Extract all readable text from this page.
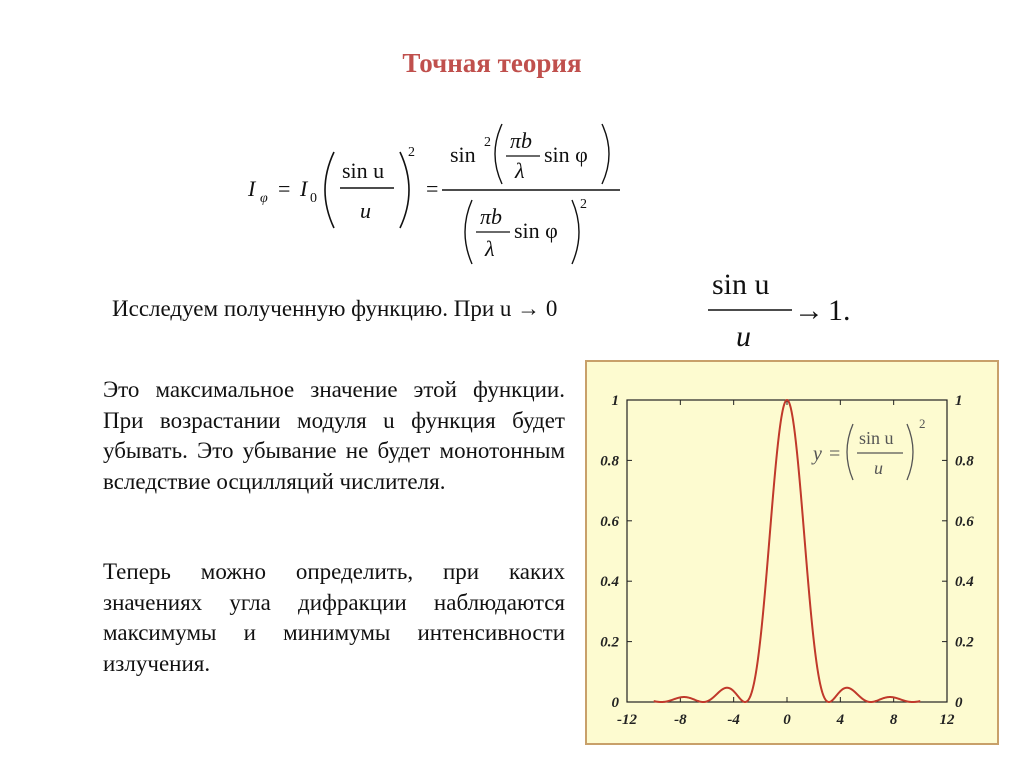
Точная теория
I φ = I 0
sin u
u
2
=
sin 2 πb
λ
sin φ
πb
λ
sin φ
2
Исследуем полученную функцию. При u → 0
sin u
u
→ 1.
Это максимальное значение этой функции. При возрастании модуля u функция будет убывать. Это убывание не будет монотонным вследствие осцилляций числителя.
Теперь можно определить, при каких значениях угла дифракции наблюдаются максимумы и минимумы интенсивности излучения.
-12 -8	-4	0	4	8	12
0	0
0.2	0.2
0.4	0.4
0.6	0.6
0.8	0.8
1	1
y =
sin u
u
2
